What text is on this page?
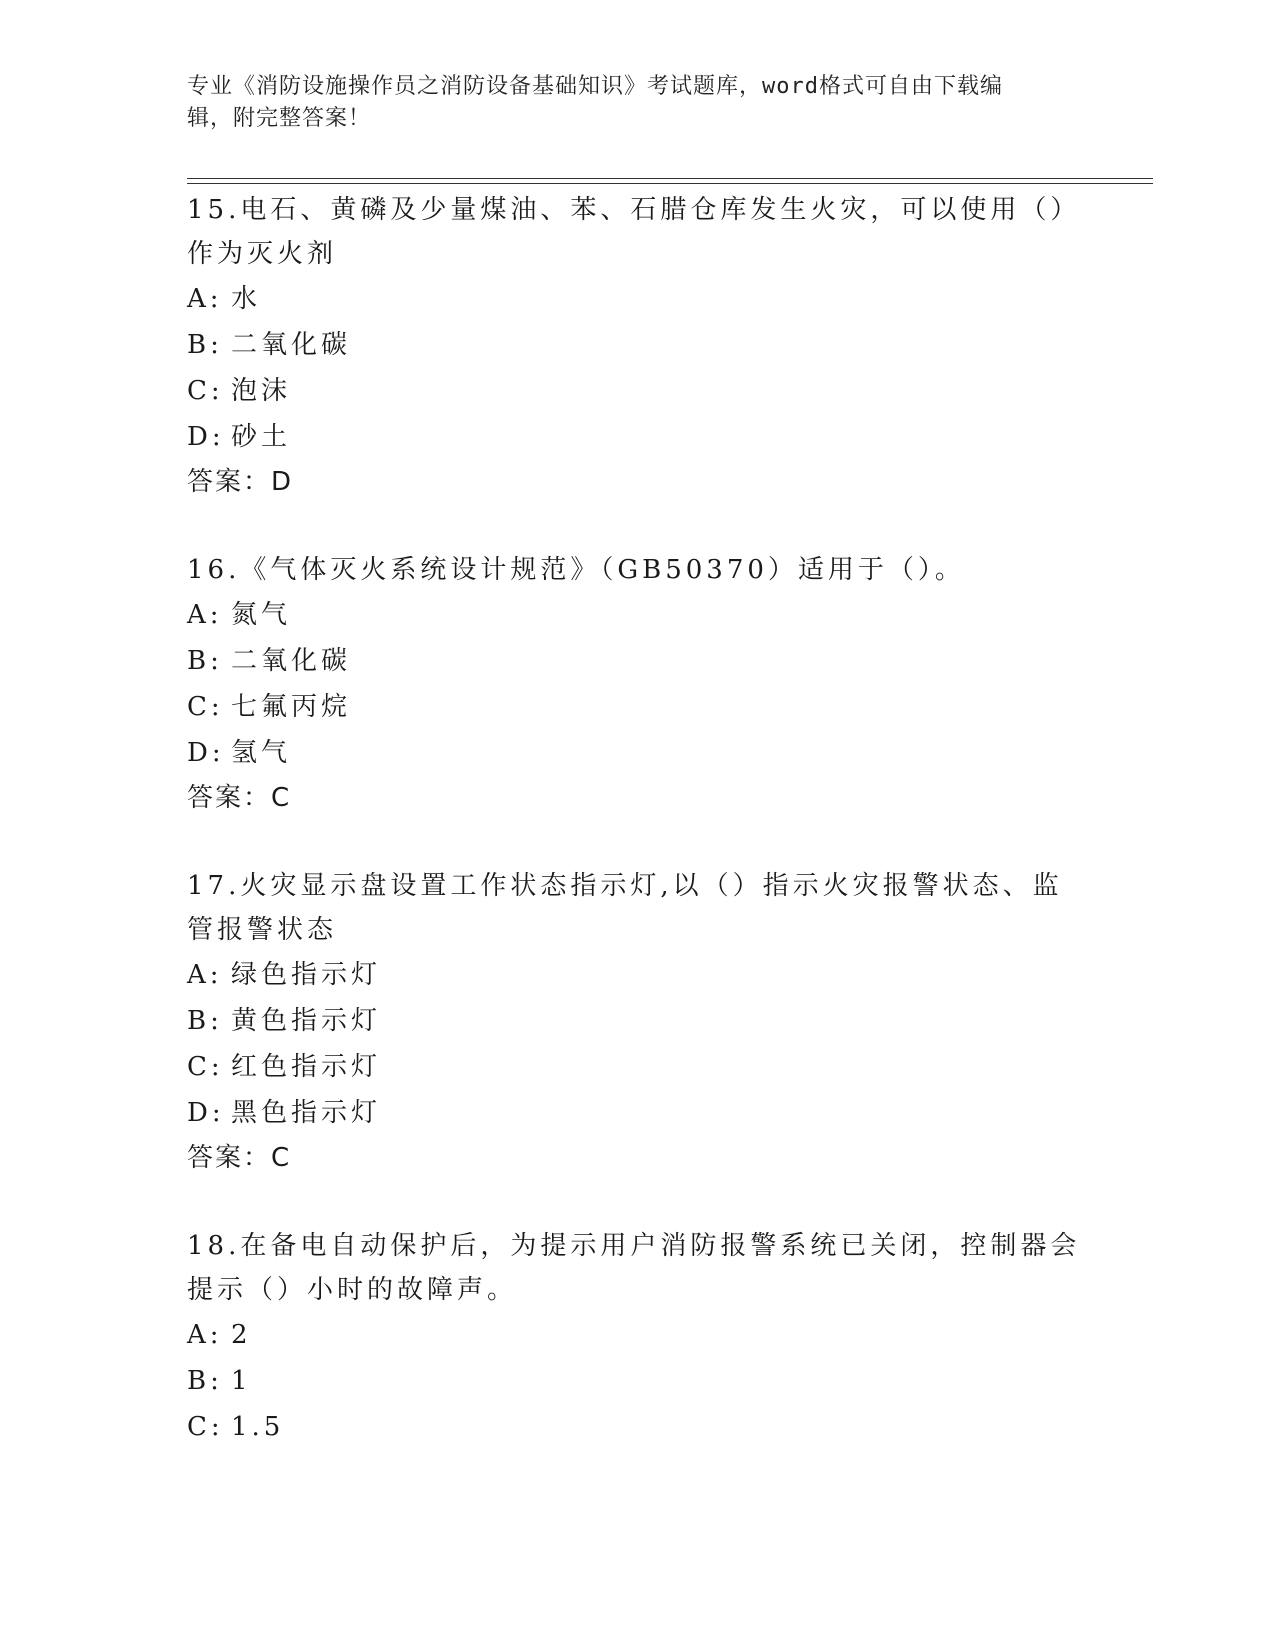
专业《消防设施操作员之消防设备基础知识》考试题库，word格式可自由下载编
辑，附完整答案！
15.电石、黄磷及少量煤油、苯、石腊仓库发生火灾，可以使用（）作为灭火剂
A: 水
B: 二氧化碳
C: 泡沫
D: 砂土
答案：D
16.《气体灭火系统设计规范》（GB50370）适用于（）。
A: 氮气
B: 二氧化碳
C: 七氟丙烷
D: 氢气
答案：C
17.火灾显示盘设置工作状态指示灯,以（）指示火灾报警状态、监管报警状态
A: 绿色指示灯
B: 黄色指示灯
C: 红色指示灯
D: 黑色指示灯
答案：C
18.在备电自动保护后，为提示用户消防报警系统已关闭，控制器会提示（）小时的故障声。
A: 2
B: 1
C: 1.5
